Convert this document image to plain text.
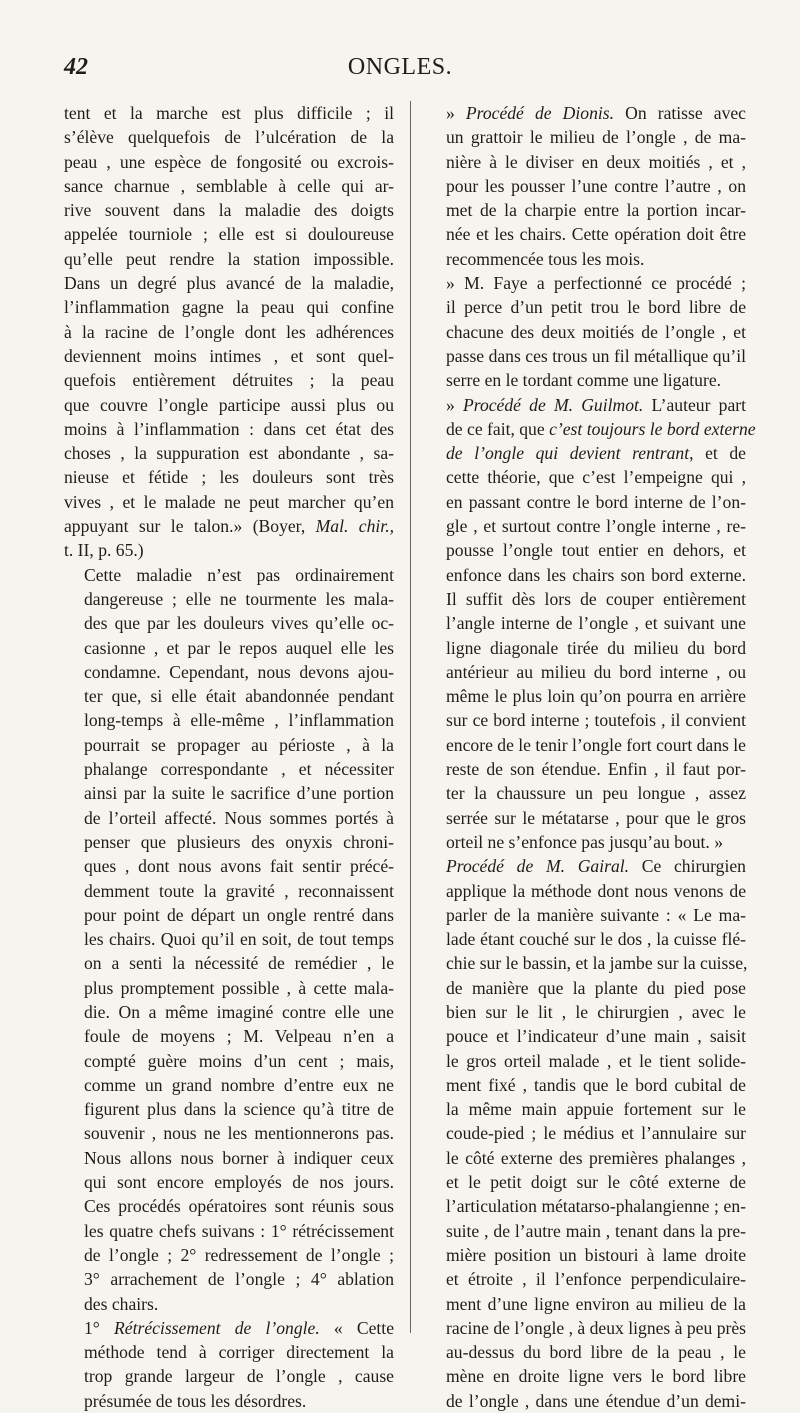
42	ONGLES.

tent et la marche est plus difficile ; il
s’élève quelquefois de l’ulcération de la
peau , une espèce de fongosité ou excrois-
sance charnue , semblable à celle qui ar-
rive souvent dans la maladie des doigts
appelée tourniole ; elle est si douloureuse
qu’elle peut rendre la station impossible.
Dans un degré plus avancé de la maladie,
l’inflammation gagne la peau qui confine
à la racine de l’ongle dont les adhérences
deviennent moins intimes , et sont quel-
quefois entièrement détruites ; la peau
que couvre l’ongle participe aussi plus ou
moins à l’inflammation : dans cet état des
choses , la suppuration est abondante , sa-
nieuse et fétide ; les douleurs sont très
vives , et le malade ne peut marcher qu’en
appuyant sur le talon.» (Boyer, Mal. chir.,
t. II, p. 65.)

Cette maladie n’est pas ordinairement
dangereuse ; elle ne tourmente les mala-
des que par les douleurs vives qu’elle oc-
casionne , et par le repos auquel elle les
condamne. Cependant, nous devons ajou-
ter que, si elle était abandonnée pendant
long-temps à elle-même , l’inflammation
pourrait se propager au périoste , à la
phalange correspondante , et nécessiter
ainsi par la suite le sacrifice d’une portion
de l’orteil affecté. Nous sommes portés à
penser que plusieurs des onyxis chroni-
ques , dont nous avons fait sentir précé-
demment toute la gravité , reconnaissent
pour point de départ un ongle rentré dans
les chairs. Quoi qu’il en soit, de tout temps
on a senti la nécessité de remédier , le
plus promptement possible , à cette mala-
die. On a même imaginé contre elle une
foule de moyens ; M. Velpeau n’en a
compté guère moins d’un cent ; mais,
comme un grand nombre d’entre eux ne
figurent plus dans la science qu’à titre de
souvenir , nous ne les mentionnerons pas.
Nous allons nous borner à indiquer ceux
qui sont encore employés de nos jours.
Ces procédés opératoires sont réunis sous
les quatre chefs suivans : 1° rétrécissement
de l’ongle ; 2° redressement de l’ongle ;
3° arrachement de l’ongle ; 4° ablation
des chairs.

1° Rétrécissement de l’ongle. « Cette
méthode tend à corriger directement la
trop grande largeur de l’ongle , cause
présumée de tous les désordres.

» Procédé de Dionis. On ratisse avec
un grattoir le milieu de l’ongle , de ma-
nière à le diviser en deux moitiés , et ,
pour les pousser l’une contre l’autre , on
met de la charpie entre la portion incar-
née et les chairs. Cette opération doit être
recommencée tous les mois.

» M. Faye a perfectionné ce procédé ;
il perce d’un petit trou le bord libre de
chacune des deux moitiés de l’ongle , et
passe dans ces trous un fil métallique qu’il
serre en le tordant comme une ligature.

» Procédé de M. Guilmot. L’auteur part
de ce fait, que c’est toujours le bord externe
de l’ongle qui devient rentrant, et de
cette théorie, que c’est l’empeigne qui ,
en passant contre le bord interne de l’on-
gle , et surtout contre l’ongle interne , re-
pousse l’ongle tout entier en dehors, et
enfonce dans les chairs son bord externe.
Il suffit dès lors de couper entièrement
l’angle interne de l’ongle , et suivant une
ligne diagonale tirée du milieu du bord
antérieur au milieu du bord interne , ou
même le plus loin qu’on pourra en arrière
sur ce bord interne ; toutefois , il convient
encore de le tenir l’ongle fort court dans le
reste de son étendue. Enfin , il faut por-
ter la chaussure un peu longue , assez
serrée sur le métatarse , pour que le gros
orteil ne s’enfonce pas jusqu’au bout. »

Procédé de M. Gairal. Ce chirurgien
applique la méthode dont nous venons de
parler de la manière suivante : « Le ma-
lade étant couché sur le dos , la cuisse flé-
chie sur le bassin, et la jambe sur la cuisse,
de manière que la plante du pied pose
bien sur le lit , le chirurgien , avec le
pouce et l’indicateur d’une main , saisit
le gros orteil malade , et le tient solide-
ment fixé , tandis que le bord cubital de
la même main appuie fortement sur le
coude-pied ; le médius et l’annulaire sur
le côté externe des premières phalanges ,
et le petit doigt sur le côté externe de
l’articulation métatarso-phalangienne ; en-
suite , de l’autre main , tenant dans la pre-
mière position un bistouri à lame droite
et étroite , il l’enfonce perpendiculaire-
ment d’une ligne environ au milieu de la
racine de l’ongle , à deux lignes à peu près
au-dessus du bord libre de la peau , le
mène en droite ligne vers le bord libre
de l’ongle , dans une étendue d’un demi-
